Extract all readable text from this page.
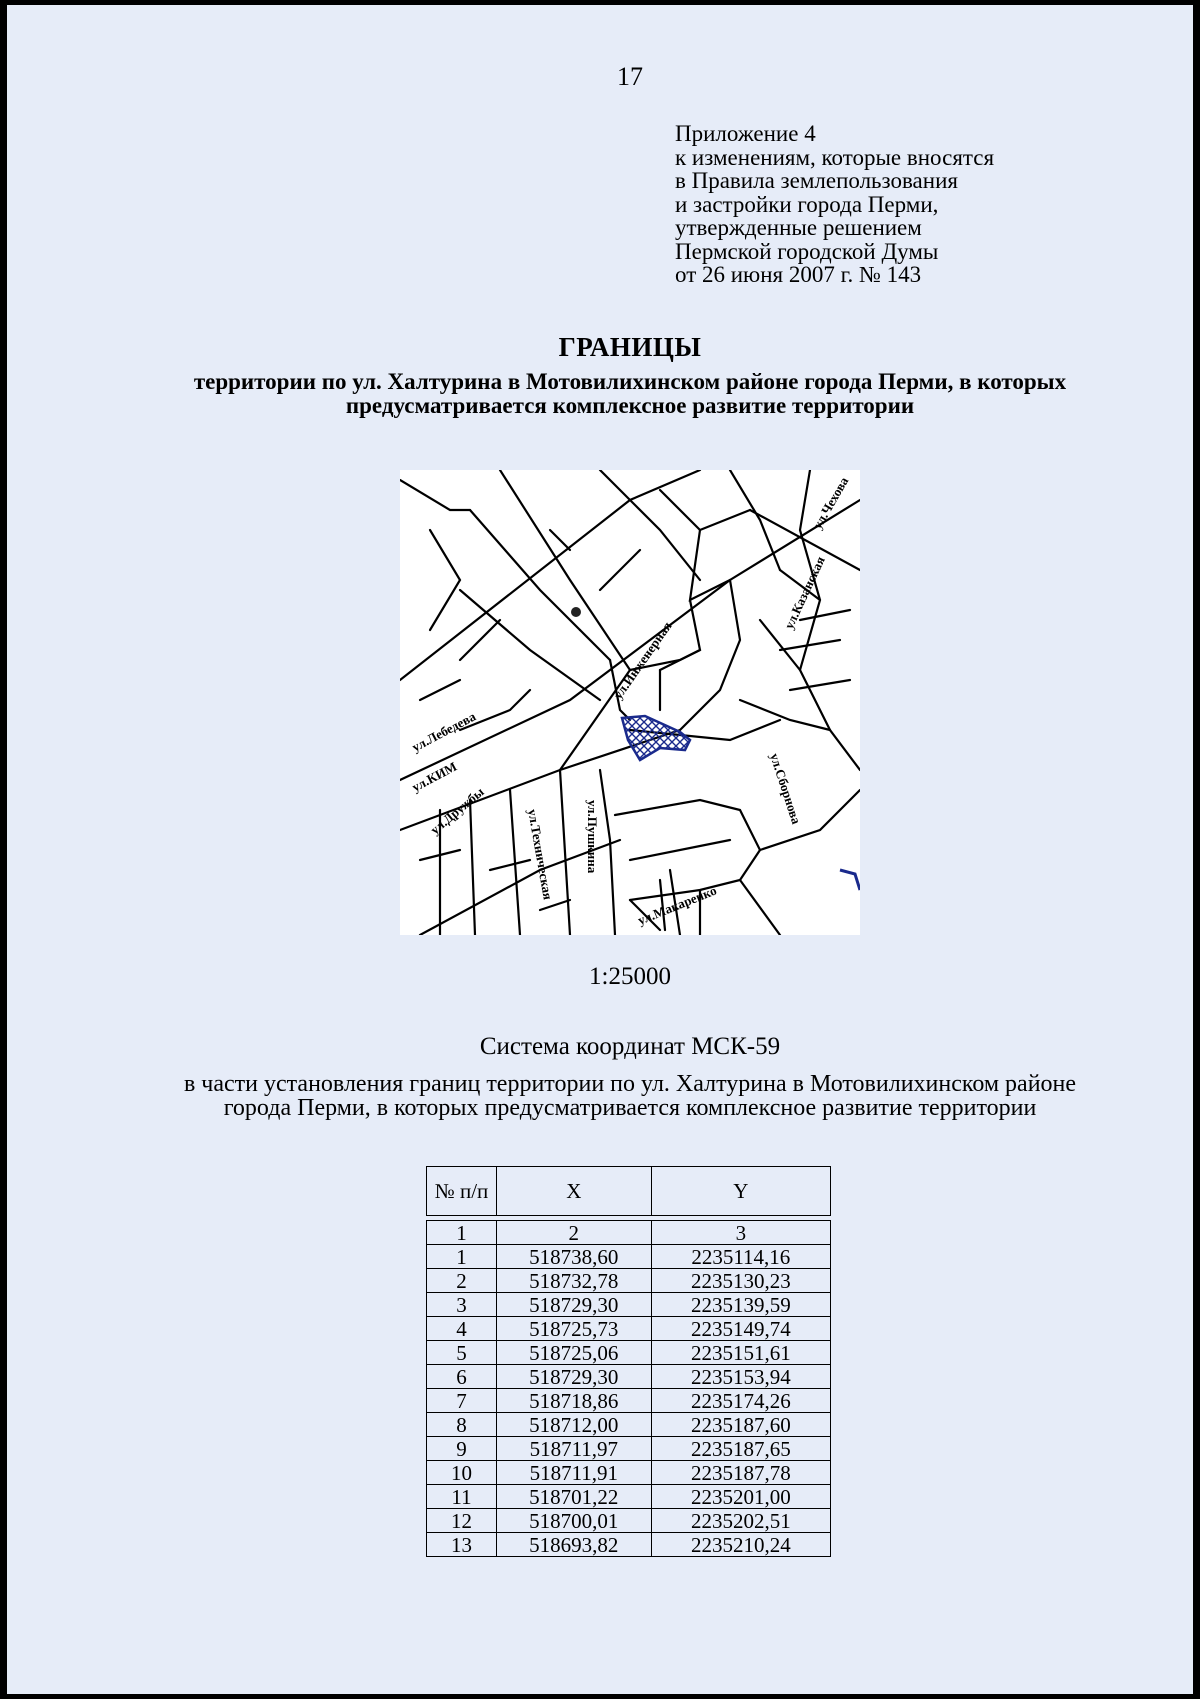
17
Приложение 4
к изменениям, которые вносятся
в Правила землепользования
и застройки города Перми,
утвержденные решением
Пермской городской Думы
от 26 июня 2007 г. № 143
ГРАНИЦЫ
территории по ул. Халтурина в Мотовилихинском районе города Перми, в которых предусматривается комплексное развитие территории
ул.Чехова
ул.Инженерная
ул.Казанская
ул.Лебедева
ул.КИМ
ул.Дружбы	ул.Техническая ул.Пушкина
ул.Макаренко
ул.Сборнова
1:25000
Система координат МСК-59
в части установления границ территории по ул. Халтурина в Мотовилихинском районе города Перми, в которых предусматривается комплексное развитие территории
№ п/п	X	Y

1	2	3
1	518738,60	2235114,16
2	518732,78	2235130,23
3	518729,30	2235139,59
4	518725,73	2235149,74
5	518725,06	2235151,61
6	518729,30	2235153,94
7	518718,86	2235174,26
8	518712,00	2235187,60
9	518711,97	2235187,65
10	518711,91	2235187,78
11	518701,22	2235201,00
12	518700,01	2235202,51
13	518693,82	2235210,24
